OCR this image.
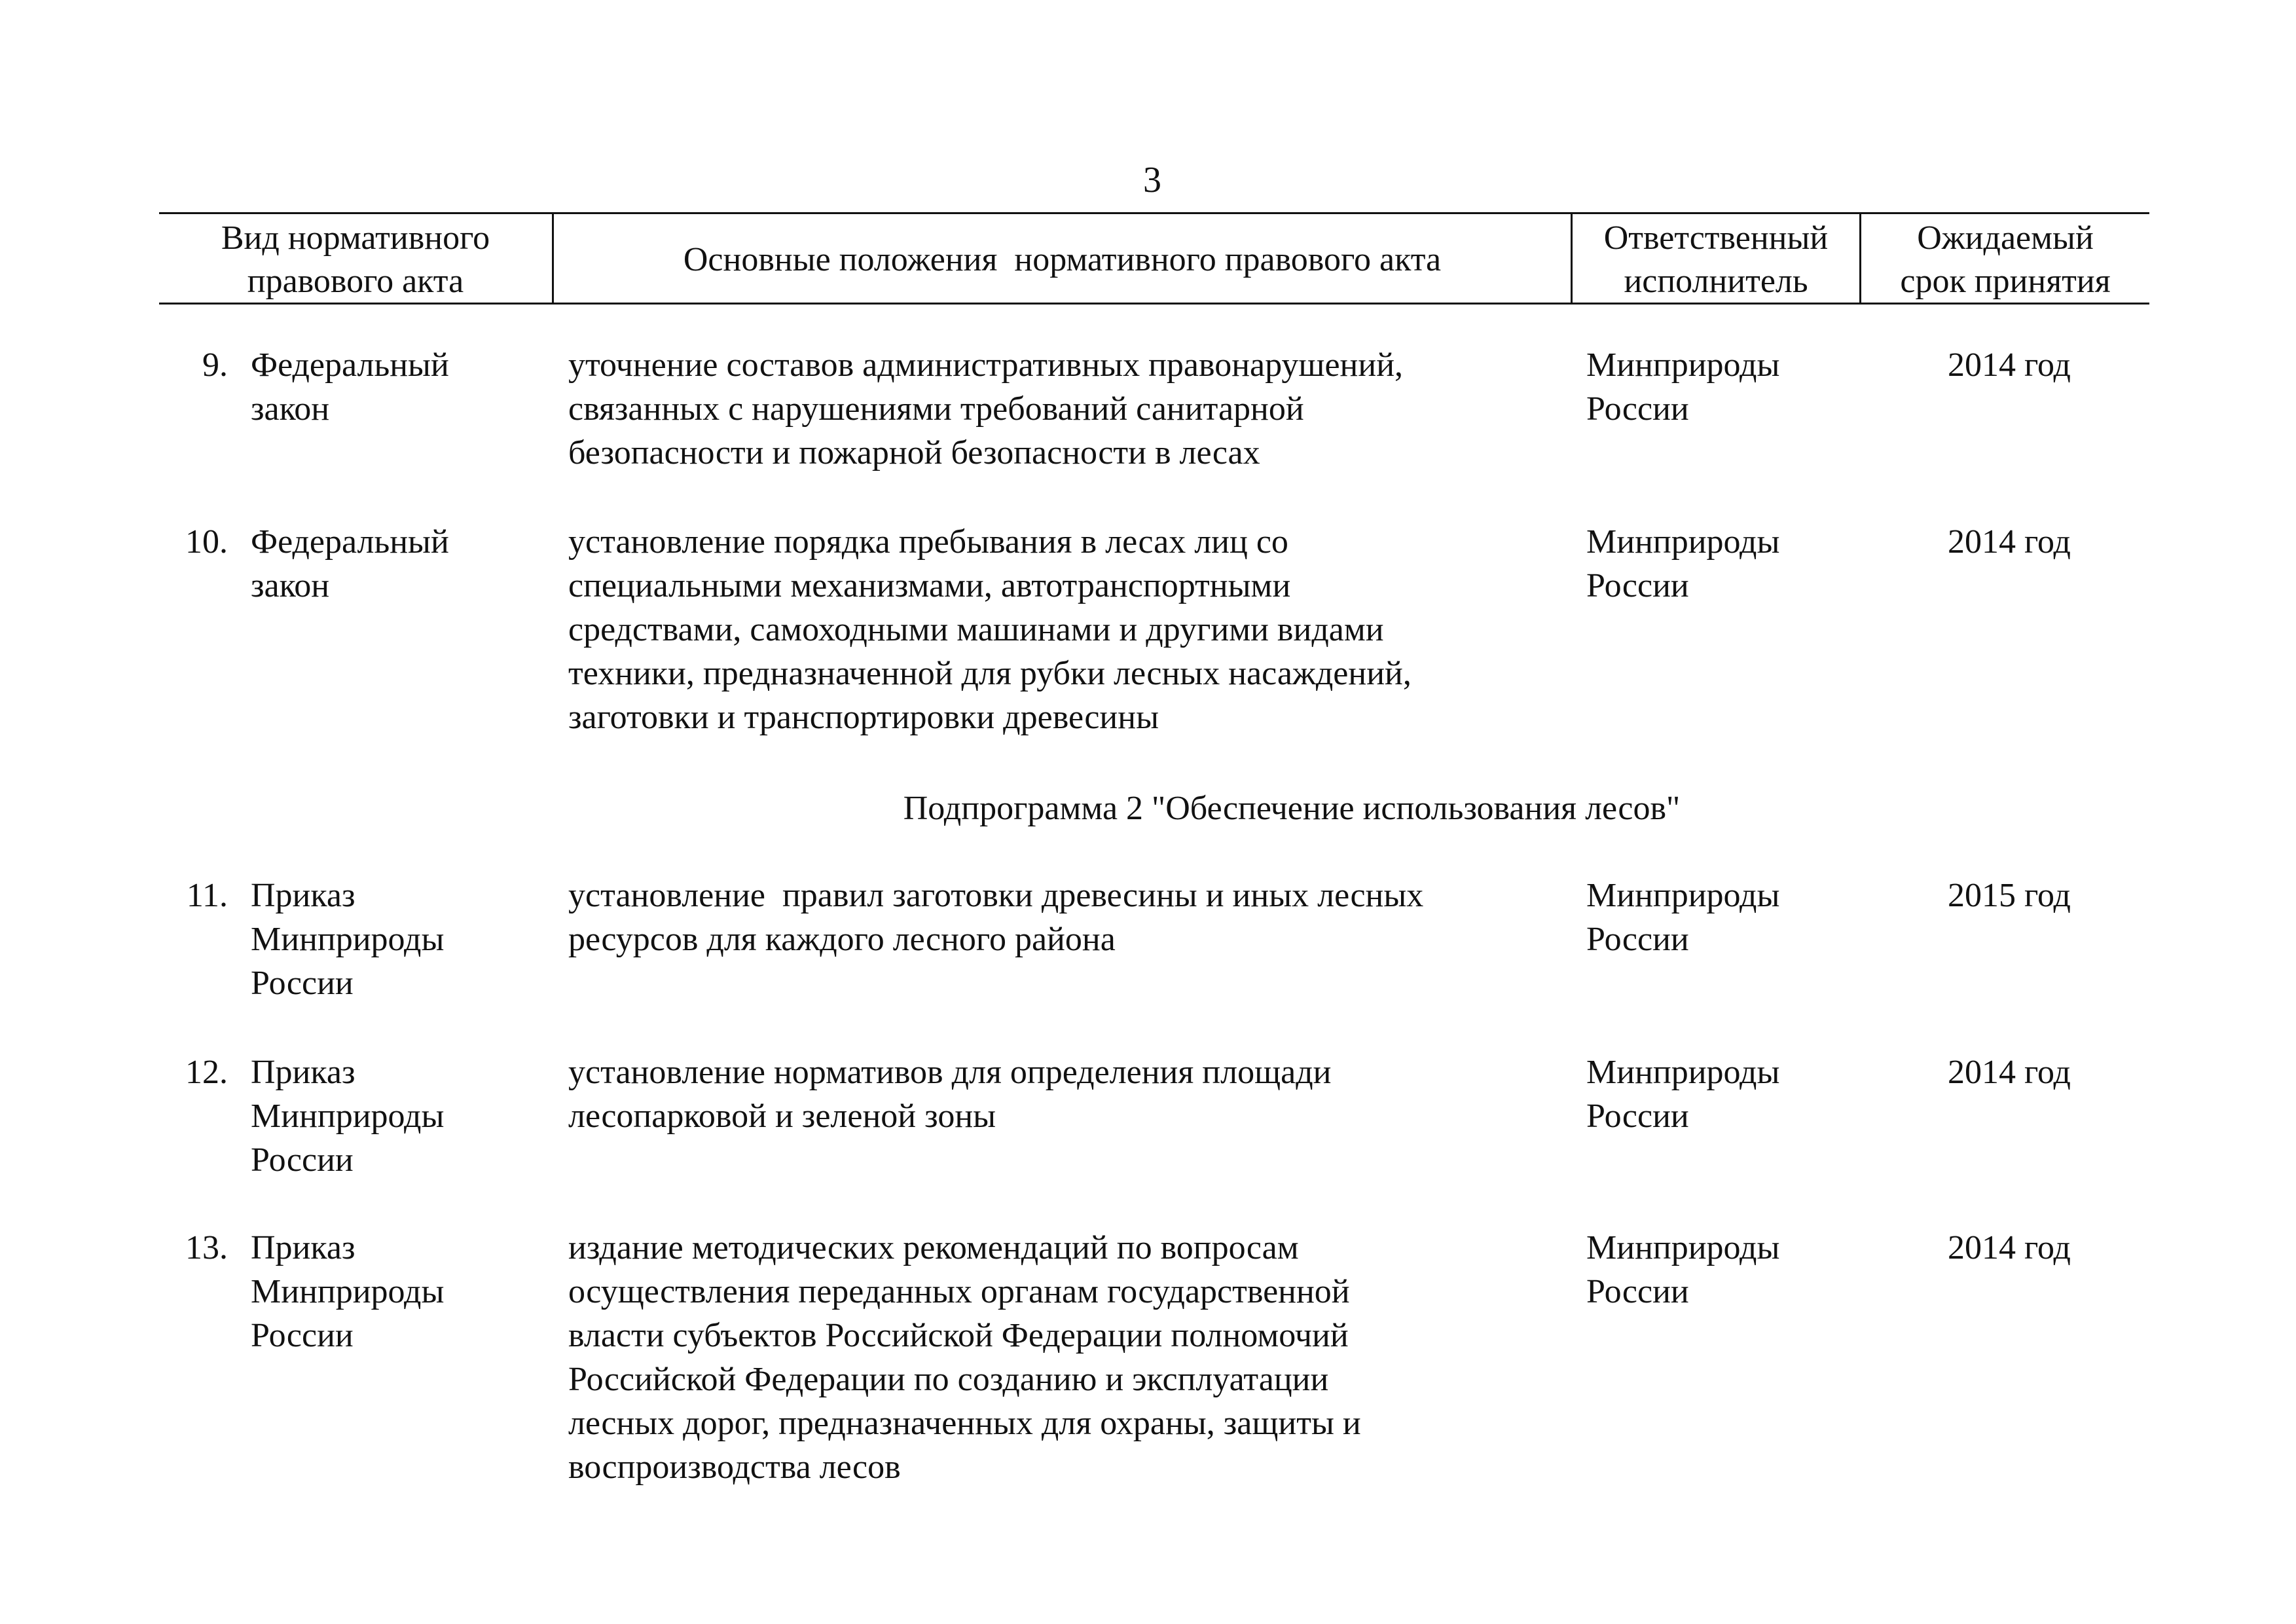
3
Вид нормативного
правового акта
Основные положения  нормативного правового акта
Ответственный
исполнитель
Ожидаемый
срок принятия
9. Федеральный
закон
уточнение составов административных правонарушений,
связанных с нарушениями требований санитарной
безопасности и пожарной безопасности в лесах
Минприроды
России
2014 год
10. Федеральный
закон
установление порядка пребывания в лесах лиц со
специальными механизмами, автотранспортными
средствами, самоходными машинами и другими видами
техники, предназначенной для рубки лесных насаждений,
заготовки и транспортировки древесины
Минприроды
России
2014 год
Подпрограмма 2 "Обеспечение использования лесов"
11. Приказ
Минприроды
России
установление  правил заготовки древесины и иных лесных
ресурсов для каждого лесного района
Минприроды
России
2015 год
12. Приказ
Минприроды
России
установление нормативов для определения площади
лесопарковой и зеленой зоны
Минприроды
России
2014 год
13. Приказ
Минприроды
России
издание методических рекомендаций по вопросам
осуществления переданных органам государственной
власти субъектов Российской Федерации полномочий
Российской Федерации по созданию и эксплуатации
лесных дорог, предназначенных для охраны, защиты и
воспроизводства лесов
Минприроды
России
2014 год
